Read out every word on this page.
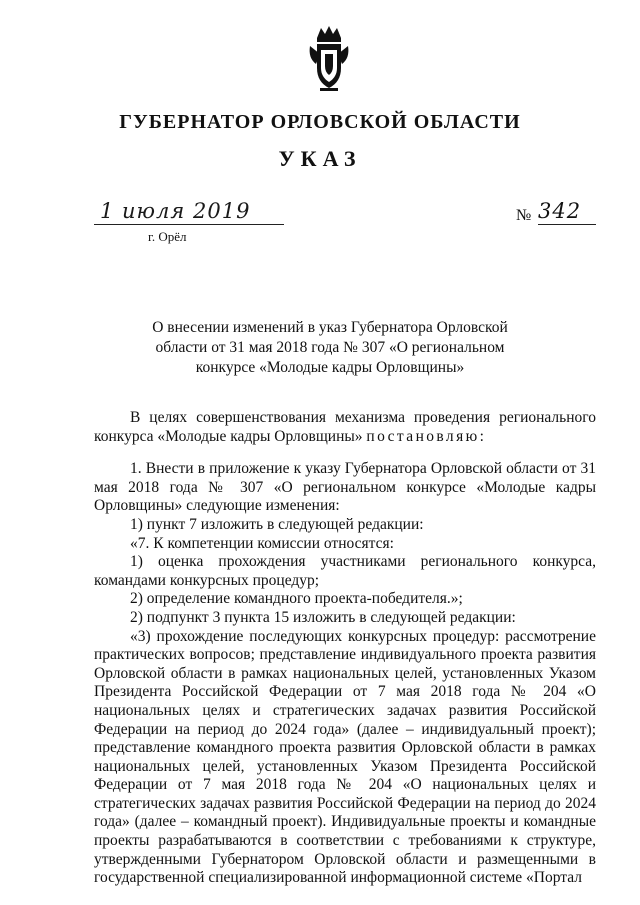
ГУБЕРНАТОР ОРЛОВСКОЙ ОБЛАСТИ
УКАЗ
1 июля 2019
г. Орёл
№ 342
О внесении изменений в указ Губернатора Орловской
области от 31 мая 2018 года № 307 «О региональном
конкурсе «Молодые кадры Орловщины»

В целях совершенствования механизма проведения регионального конкурса «Молодые кадры Орловщины» постановляю:

1. Внести в приложение к указу Губернатора Орловской области от 31 мая 2018 года № 307 «О региональном конкурсе «Молодые кадры Орловщины» следующие изменения:

1) пункт 7 изложить в следующей редакции:

«7. К компетенции комиссии относятся:

1) оценка прохождения участниками регионального конкурса, командами конкурсных процедур;

2) определение командного проекта-победителя.»;

2) подпункт 3 пункта 15 изложить в следующей редакции:

«3) прохождение последующих конкурсных процедур: рассмотрение практических вопросов; представление индивидуального проекта развития Орловской области в рамках национальных целей, установленных Указом Президента Российской Федерации от 7 мая 2018 года № 204 «О национальных целях и стратегических задачах развития Российской Федерации на период до 2024 года» (далее – индивидуальный проект); представление командного проекта развития Орловской области в рамках национальных целей, установленных Указом Президента Российской Федерации от 7 мая 2018 года № 204 «О национальных целях и стратегических задачах развития Российской Федерации на период до 2024 года» (далее – командный проект). Индивидуальные проекты и командные проекты разрабатываются в соответствии с требованиями к структуре, утвержденными Губернатором Орловской области и размещенными в государственной специализированной информационной системе «Портал
